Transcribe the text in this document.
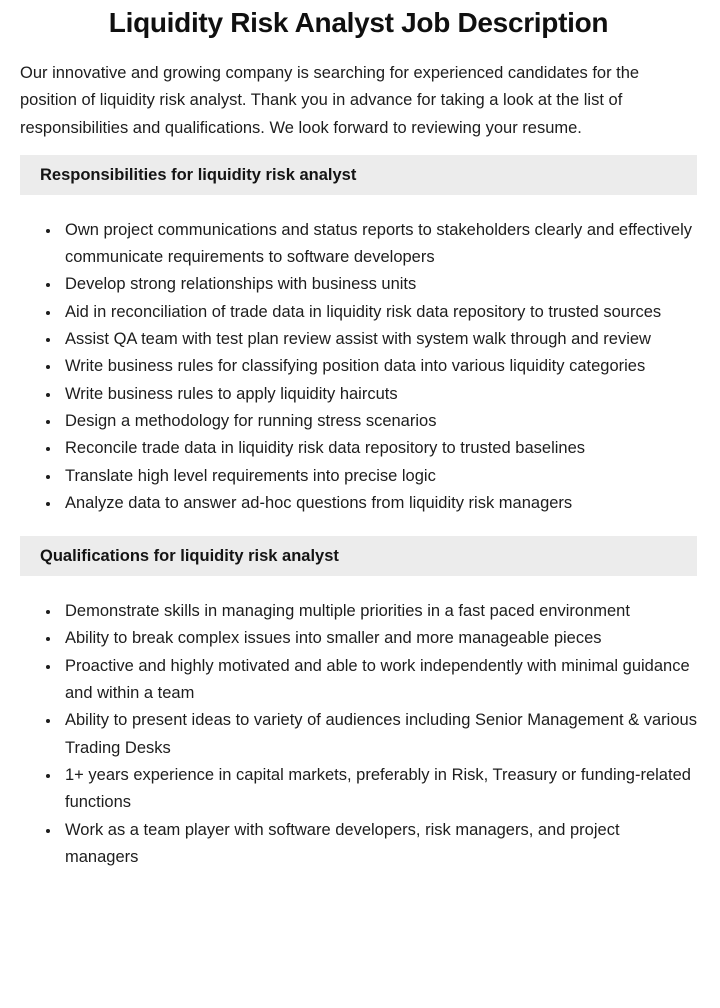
Liquidity Risk Analyst Job Description

Our innovative and growing company is searching for experienced candidates for the position of liquidity risk analyst. Thank you in advance for taking a look at the list of responsibilities and qualifications. We look forward to reviewing your resume.

Responsibilities for liquidity risk analyst
• Own project communications and status reports to stakeholders clearly and effectively communicate requirements to software developers
• Develop strong relationships with business units
• Aid in reconciliation of trade data in liquidity risk data repository to trusted sources
• Assist QA team with test plan review assist with system walk through and review
• Write business rules for classifying position data into various liquidity categories
• Write business rules to apply liquidity haircuts
• Design a methodology for running stress scenarios
• Reconcile trade data in liquidity risk data repository to trusted baselines
• Translate high level requirements into precise logic
• Analyze data to answer ad-hoc questions from liquidity risk managers
Qualifications for liquidity risk analyst
• Demonstrate skills in managing multiple priorities in a fast paced environment
• Ability to break complex issues into smaller and more manageable pieces
• Proactive and highly motivated and able to work independently with minimal guidance and within a team
• Ability to present ideas to variety of audiences including Senior Management & various Trading Desks
• 1+ years experience in capital markets, preferably in Risk, Treasury or funding-related functions
• Work as a team player with software developers, risk managers, and project managers
